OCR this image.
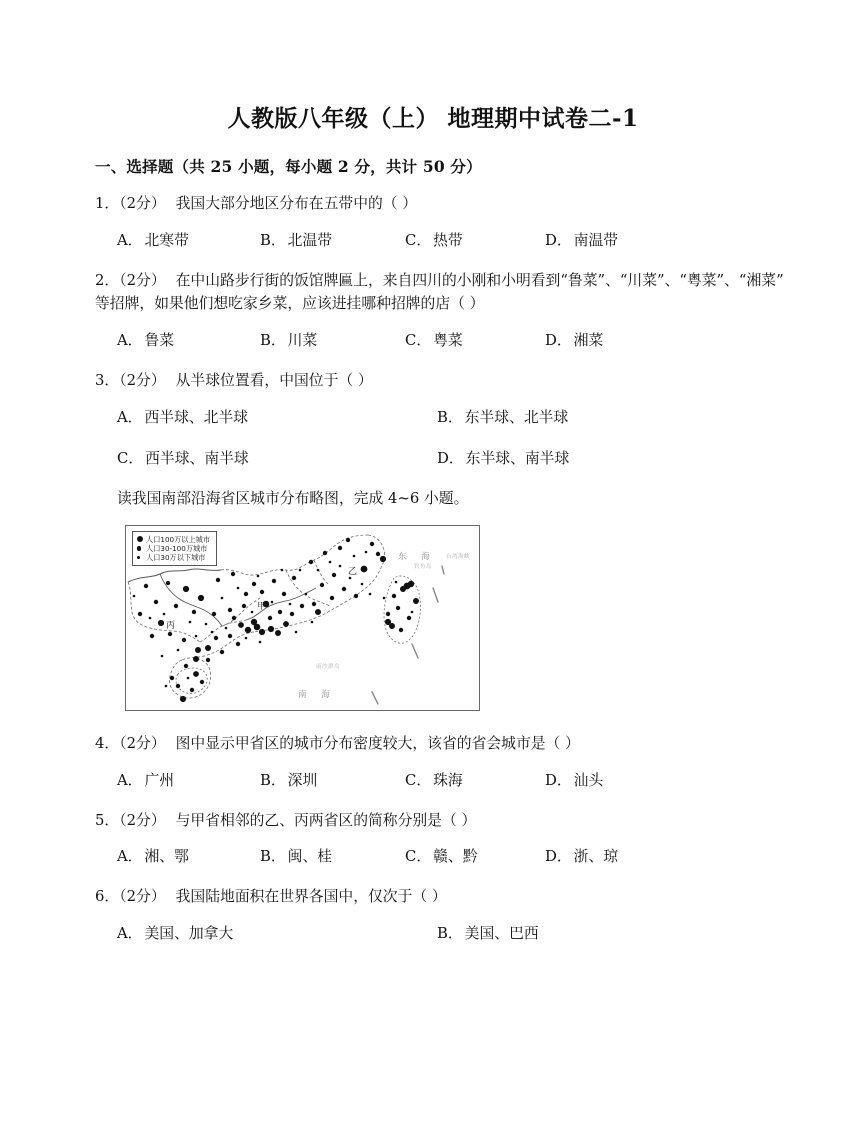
人教版八年级（上） 地理期中试卷二-1
一、选择题（共 25 小题，每小题 2 分，共计 50 分）

1．（2分） 我国大部分地区分布在五带中的（ ）

A． 北寒带	B． 北温带	C． 热带	D． 南温带

2．（2分） 在中山路步行街的饭馆牌匾上，来自四川的小刚和小明看到“鲁菜”、“川菜”、“粤菜”、“湘菜”等招牌，如果他们想吃家乡菜，应该进挂哪种招牌的店（ ）

A． 鲁菜	B． 川菜	C． 粤菜	D． 湘菜

3．（2分） 从半球位置看，中国位于（ ）

A． 西半球、北半球	B． 东半球、北半球
C． 西半球、南半球	D． 东半球、南半球

读我国南部沿海省区城市分布略图，完成 4~6 小题。

人口100万以上城市
人口30-100万城市
人口30万以下城市
甲
乙
丙
东 海
南 海
钓鱼岛
南沙群岛
台湾海峡

4．（2分） 图中显示甲省区的城市分布密度较大，该省的省会城市是（ ）

A． 广州	B． 深圳	C． 珠海	D． 汕头

5．（2分） 与甲省相邻的乙、丙两省区的简称分别是（ ）

A． 湘、鄂	B． 闽、桂	C． 赣、黔	D． 浙、琼

6．（2分） 我国陆地面积在世界各国中，仅次于（ ）

A． 美国、加拿大	B． 美国、巴西
